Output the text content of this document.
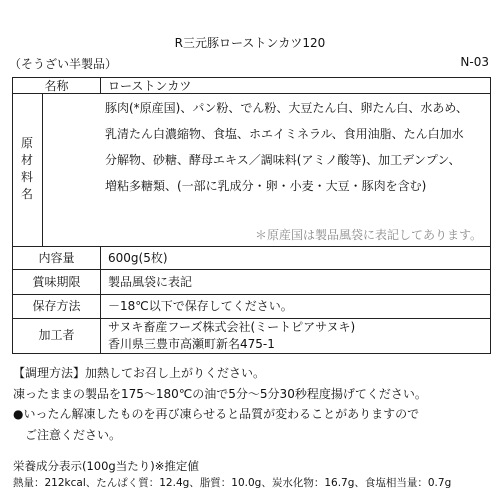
R三元豚ローストンカツ120
（そうざい半製品）	N-03
名称	ローストンカツ
原材料名
豚肉(*原産国)、パン粉、でん粉、大豆たん白、卵たん白、水あめ、
乳清たん白濃縮物、食塩、ホエイミネラル、食用油脂、たん白加水
分解物、砂糖、酵母エキス／調味料(アミノ酸等)、加工デンプン、
増粘多糖類、(一部に乳成分・卵・小麦・大豆・豚肉を含む)
＊原産国は製品風袋に表記してあります。
内容量	600g(5枚)
賞味期限	製品風袋に表記
保存方法	－18℃以下で保存してください。
加工者
サヌキ畜産フーズ株式会社(ミートピアサヌキ)
香川県三豊市高瀬町新名475-1
【調理方法】加熱してお召し上がりください。
凍ったままの製品を175～180℃の油で5分～5分30秒程度揚げてください。
●いったん解凍したものを再び凍らせると品質が変わることがありますので
　ご注意ください。
栄養成分表示(100g当たり)※推定値
熱量：212kcal、たんぱく質：12.4g、脂質：10.0g、炭水化物：16.7g、食塩相当量：0.7g
